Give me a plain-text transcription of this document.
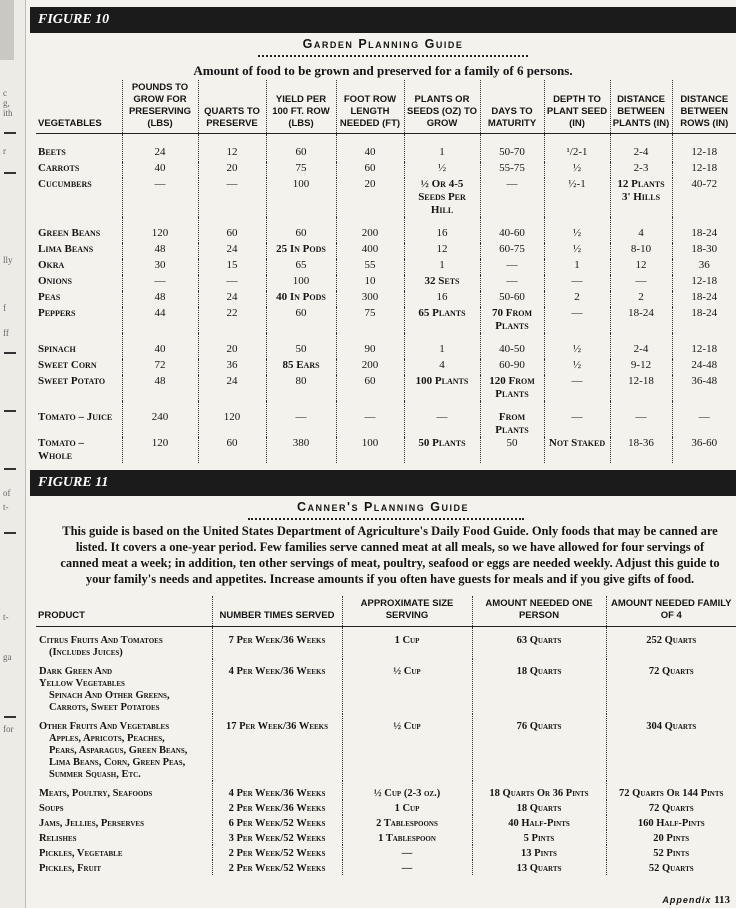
c
g,
ith
r
lly
f
ff
of
t-
t-
ga
for
FIGURE 10
Garden Planning Guide
Amount of food to be grown and preserved for a family of 6 persons.
VEGETABLES	POUNDS TO GROW FOR PRESERVING (LBS)	QUARTS TO PRESERVE	YIELD PER 100 FT. ROW (LBS)	FOOT ROW LENGTH NEEDED (FT)	PLANTS OR SEEDS (OZ) TO GROW	DAYS TO MATURITY	DEPTH TO PLANT SEED (IN)	DISTANCE BETWEEN PLANTS (IN)	DISTANCE BETWEEN ROWS (IN)
Beets	24	12	60	40	1	50-70	¹/2-1	2-4	12-18
Carrots	40	20	75	60	½	55-75	½	2-3	12-18
Cucumbers	—	—	100	20	½ Or 4-5 Seeds Per Hill	—	½-1	12 Plants 3' Hills	40-72
Green Beans	120	60	60	200	16	40-60	½	4	18-24
Lima Beans	48	24	25 In Pods	400	12	60-75	½	8-10	18-30
Okra	30	15	65	55	1	—	1	12	36
Onions	—	—	100	10	32 Sets	—	—	—	12-18
Peas	48	24	40 In Pods	300	16	50-60	2	2	18-24
Peppers	44	22	60	75	65 Plants	70 From Plants	—	18-24	18-24
Spinach	40	20	50	90	1	40-50	½	2-4	12-18
Sweet Corn	72	36	85 Ears	200	4	60-90	½	9-12	24-48
Sweet Potato	48	24	80	60	100 Plants	120 From Plants	—	12-18	36-48
Tomato – Juice	240	120	—	—	—	From Plants	—	—	—
Tomato – Whole	120	60	380	100	50 Plants	50	Not Staked	18-36	36-60
FIGURE 11
Canner's Planning Guide
This guide is based on the United States Department of Agriculture's Daily Food Guide. Only foods that may be canned are listed. It covers a one-year period. Few families serve canned meat at all meals, so we have allowed for four servings of canned meat a week; in addition, ten other servings of meat, poultry, seafood or eggs are needed weekly. Adjust this guide to your family's needs and appetites. Increase amounts if you often have guests for meals and if you give gifts of food.
PRODUCT	NUMBER TIMES SERVED	APPROXIMATE SIZE SERVING	AMOUNT NEEDED ONE PERSON	AMOUNT NEEDED FAMILY OF 4

Citrus Fruits And Tomatoes
(Includes Juices)	7 Per Week/36 Weeks	1 Cup	63 Quarts	252 Quarts

Dark Green And
Yellow Vegetables
Spinach And Other Greens,
Carrots, Sweet Potatoes	4 Per Week/36 Weeks	½ Cup	18 Quarts	72 Quarts

Other Fruits And Vegetables
Apples, Apricots, Peaches,
Pears, Asparagus, Green Beans,
Lima Beans, Corn, Green Peas,
Summer Squash, Etc.	17 Per Week/36 Weeks	½ Cup	76 Quarts	304 Quarts

Meats, Poultry, Seafoods	4 Per Week/36 Weeks	½ Cup (2-3 oz.)	18 Quarts Or 36 Pints	72 Quarts Or 144 Pints

Soups	2 Per Week/36 Weeks	1 Cup	18 Quarts	72 Quarts

Jams, Jellies, Perserves	6 Per Week/52 Weeks	2 Tablespoons	40 Half-Pints	160 Half-Pints

Relishes	3 Per Week/52 Weeks	1 Tablespoon	5 Pints	20 Pints

Pickles, Vegetable	2 Per Week/52 Weeks	—	13 Pints	52 Pints

Pickles, Fruit	2 Per Week/52 Weeks	—	13 Quarts	52 Quarts
Appendix 113
